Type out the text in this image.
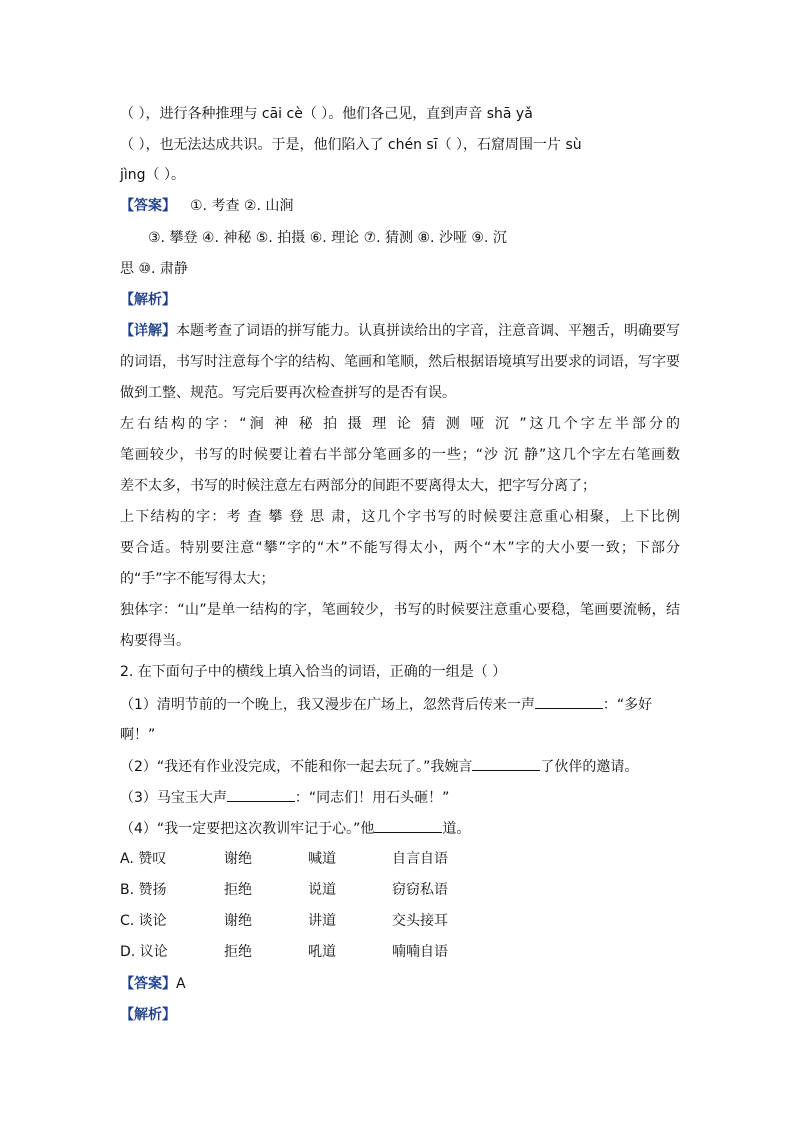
（ ），进行各种推理与 cāi cè（ ）。他们各己见，直到声音 shā yǎ
（ ），也无法达成共识。于是，他们陷入了 chén sī（ ），石窟周围一片 sù
jìng（ ）。
【答案】 ①. 考查 ②. 山涧
③. 攀登 ④. 神秘 ⑤. 拍摄 ⑥. 理论 ⑦. 猜测 ⑧. 沙哑 ⑨. 沉
思 ⑩. 肃静
【解析】
【详解】本题考查了词语的拼写能力。认真拼读给出的字音，注意音调、平翘舌，明确要写
的词语，书写时注意每个字的结构、笔画和笔顺，然后根据语境填写出要求的词语，写字要
做到工整、规范。写完后要再次检查拼写的是否有误。
左右结构的字：“涧 神 秘 拍 摄 理 论 猜 测 哑 沉 ”这几个字左半部分的
笔画较少，书写的时候要让着右半部分笔画多的一些；“沙 沉 静”这几个字左右笔画数
差不太多，书写的时候注意左右两部分的间距不要离得太大，把字写分离了；
上下结构的字：考 查 攀 登 思 肃，这几个字书写的时候要注意重心相聚，上下比例
要合适。特别要注意“攀”字的“木”不能写得太小，两个“木”字的大小要一致；下部分
的“手”字不能写得太大；
独体字：“山”是单一结构的字，笔画较少，书写的时候要注意重心要稳，笔画要流畅，结
构要得当。
2. 在下面句子中的横线上填入恰当的词语，正确的一组是（ ）
（1）清明节前的一个晚上，我又漫步在广场上，忽然背后传来一声	：“多好
啊！”
（2）“我还有作业没完成，不能和你一起去玩了。”我婉言	了伙伴的邀请。
（3）马宝玉大声	：“同志们！用石头砸！”
（4）“我一定要把这次教训牢记于心。”他	道。
A. 赞叹	谢绝	喊道	自言自语
B. 赞扬	拒绝	说道	窃窃私语
C. 谈论	谢绝	讲道	交头接耳
D. 议论	拒绝	吼道	喃喃自语
【答案】A
【解析】
